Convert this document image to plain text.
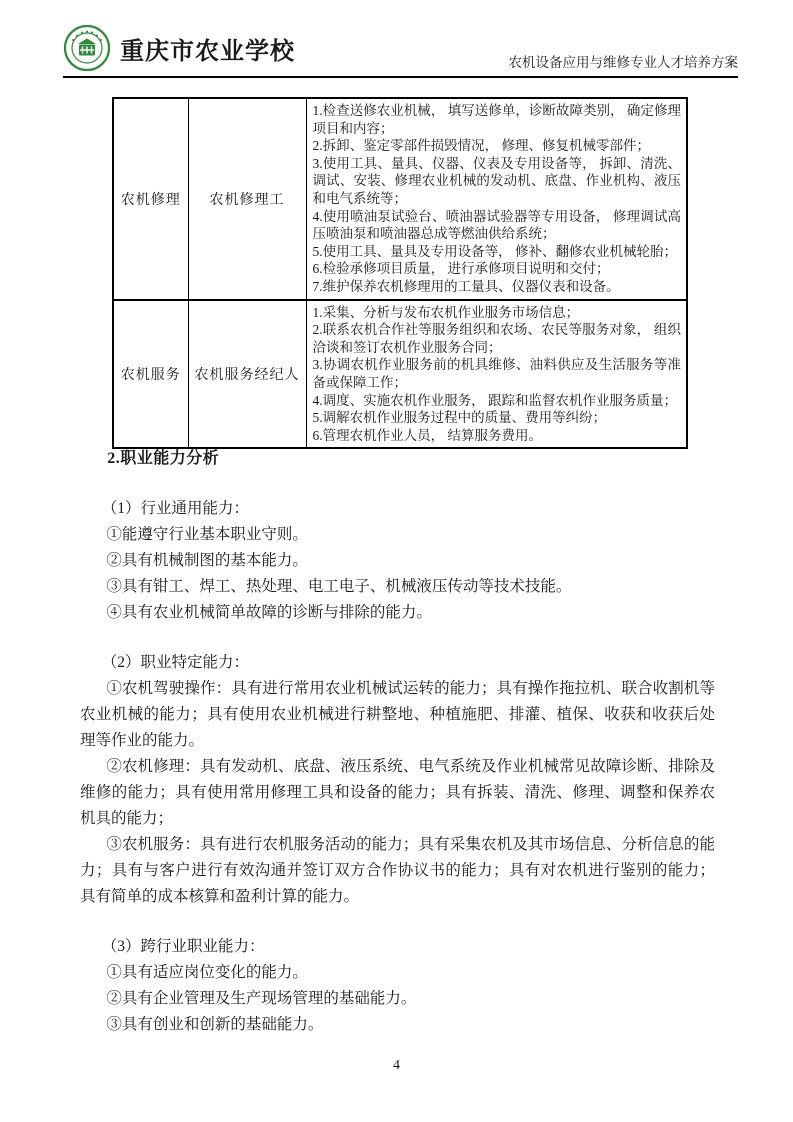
重庆市农业学校	农机设备应用与维修专业人才培养方案
农机修理	农机修理工	
1.检查送修农业机械， 填写送修单，诊断故障类别， 确定修理项目和内容；
2.拆卸、鉴定零部件损毁情况， 修理、修复机械零部件；
3.使用工具、量具、仪器、仪表及专用设备等， 拆卸、清洗、调试、安装、修理农业机械的发动机、底盘、作业机构、液压和电气系统等；
4.使用喷油泵试验台、喷油器试验器等专用设备， 修理调试高压喷油泵和喷油器总成等燃油供给系统；
5.使用工具、量具及专用设备等， 修补、翻修农业机械轮胎；
6.检验承修项目质量， 进行承修项目说明和交付；
7.维护保养农机修理用的工量具、仪器仪表和设备。

农机服务	农机服务经纪人	
1.采集、分析与发布农机作业服务市场信息；
2.联系农机合作社等服务组织和农场、农民等服务对象， 组织洽谈和签订农机作业服务合同；
3.协调农机作业服务前的机具维修、油料供应及生活服务等准备或保障工作；
4.调度、实施农机作业服务， 跟踪和监督农机作业服务质量；
5.调解农机作业服务过程中的质量、费用等纠纷；
6.管理农机作业人员， 结算服务费用。
2.职业能力分析
（1）行业通用能力：
①能遵守行业基本职业守则。
②具有机械制图的基本能力。
③具有钳工、焊工、热处理、电工电子、机械液压传动等技术技能。
④具有农业机械简单故障的诊断与排除的能力。
（2）职业特定能力：
①农机驾驶操作：具有进行常用农业机械试运转的能力；具有操作拖拉机、联合收割机等农业机械的能力；具有使用农业机械进行耕整地、种植施肥、排灌、植保、收获和收获后处理等作业的能力。
②农机修理：具有发动机、底盘、液压系统、电气系统及作业机械常见故障诊断、排除及维修的能力；具有使用常用修理工具和设备的能力；具有拆装、清洗、修理、调整和保养农机具的能力；
③农机服务：具有进行农机服务活动的能力；具有采集农机及其市场信息、分析信息的能力；具有与客户进行有效沟通并签订双方合作协议书的能力；具有对农机进行鉴别的能力；具有简单的成本核算和盈利计算的能力。
（3）跨行业职业能力：
①具有适应岗位变化的能力。
②具有企业管理及生产现场管理的基础能力。
③具有创业和创新的基础能力。
4
